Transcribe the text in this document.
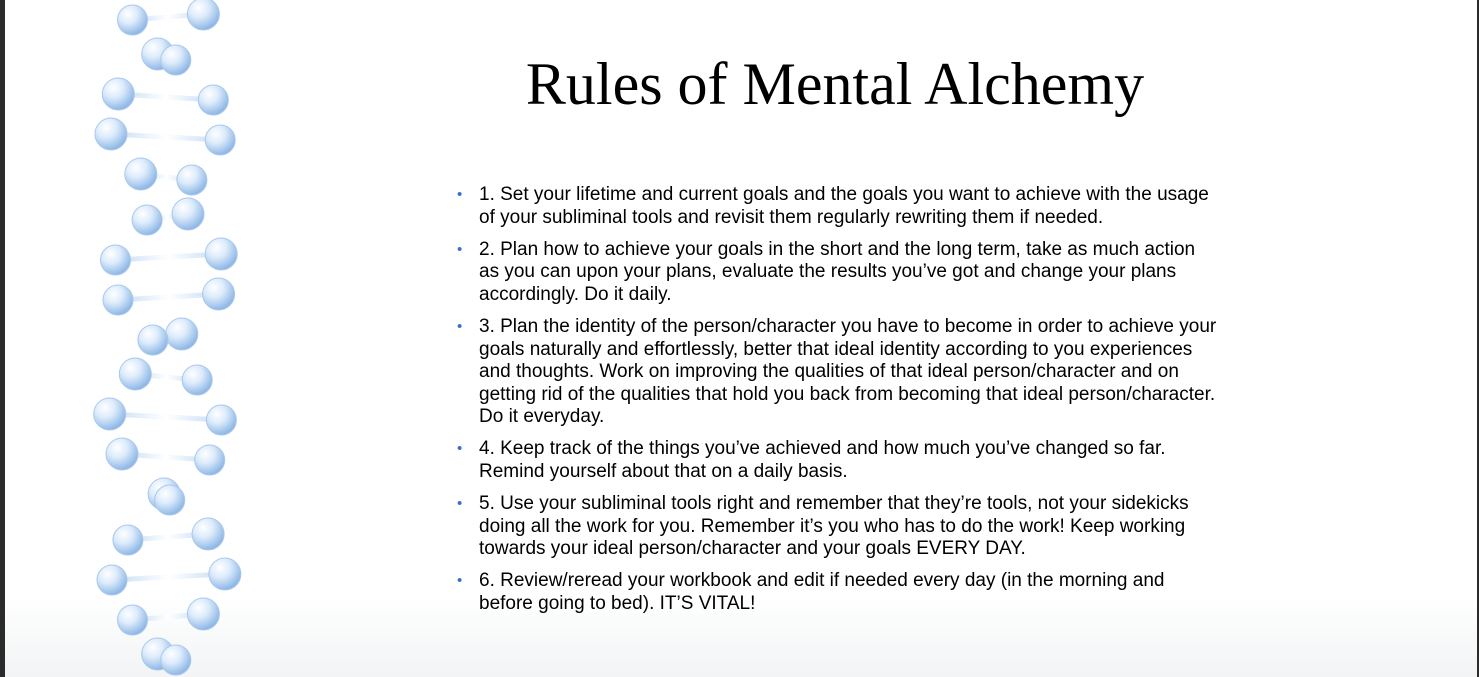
Rules of Mental Alchemy
• 1. Set your lifetime and current goals and the goals you want to achieve with the usage of your subliminal tools and revisit them regularly rewriting them if needed.
• 2. Plan how to achieve your goals in the short and the long term, take as much action as you can upon your plans, evaluate the results you’ve got and change your plans accordingly. Do it daily.
• 3. Plan the identity of the person/character you have to become in order to achieve your goals naturally and effortlessly, better that ideal identity according to you experiences and thoughts. Work on improving the qualities of that ideal person/character and on getting rid of the qualities that hold you back from becoming that ideal person/character. Do it everyday.
• 4. Keep track of the things you’ve achieved and how much you’ve changed so far. Remind yourself about that on a daily basis.
• 5. Use your subliminal tools right and remember that they’re tools, not your sidekicks doing all the work for you. Remember it’s you who has to do the work! Keep working towards your ideal person/character and your goals EVERY DAY.
• 6. Review/reread your workbook and edit if needed every day (in the morning and before going to bed). IT’S VITAL!
